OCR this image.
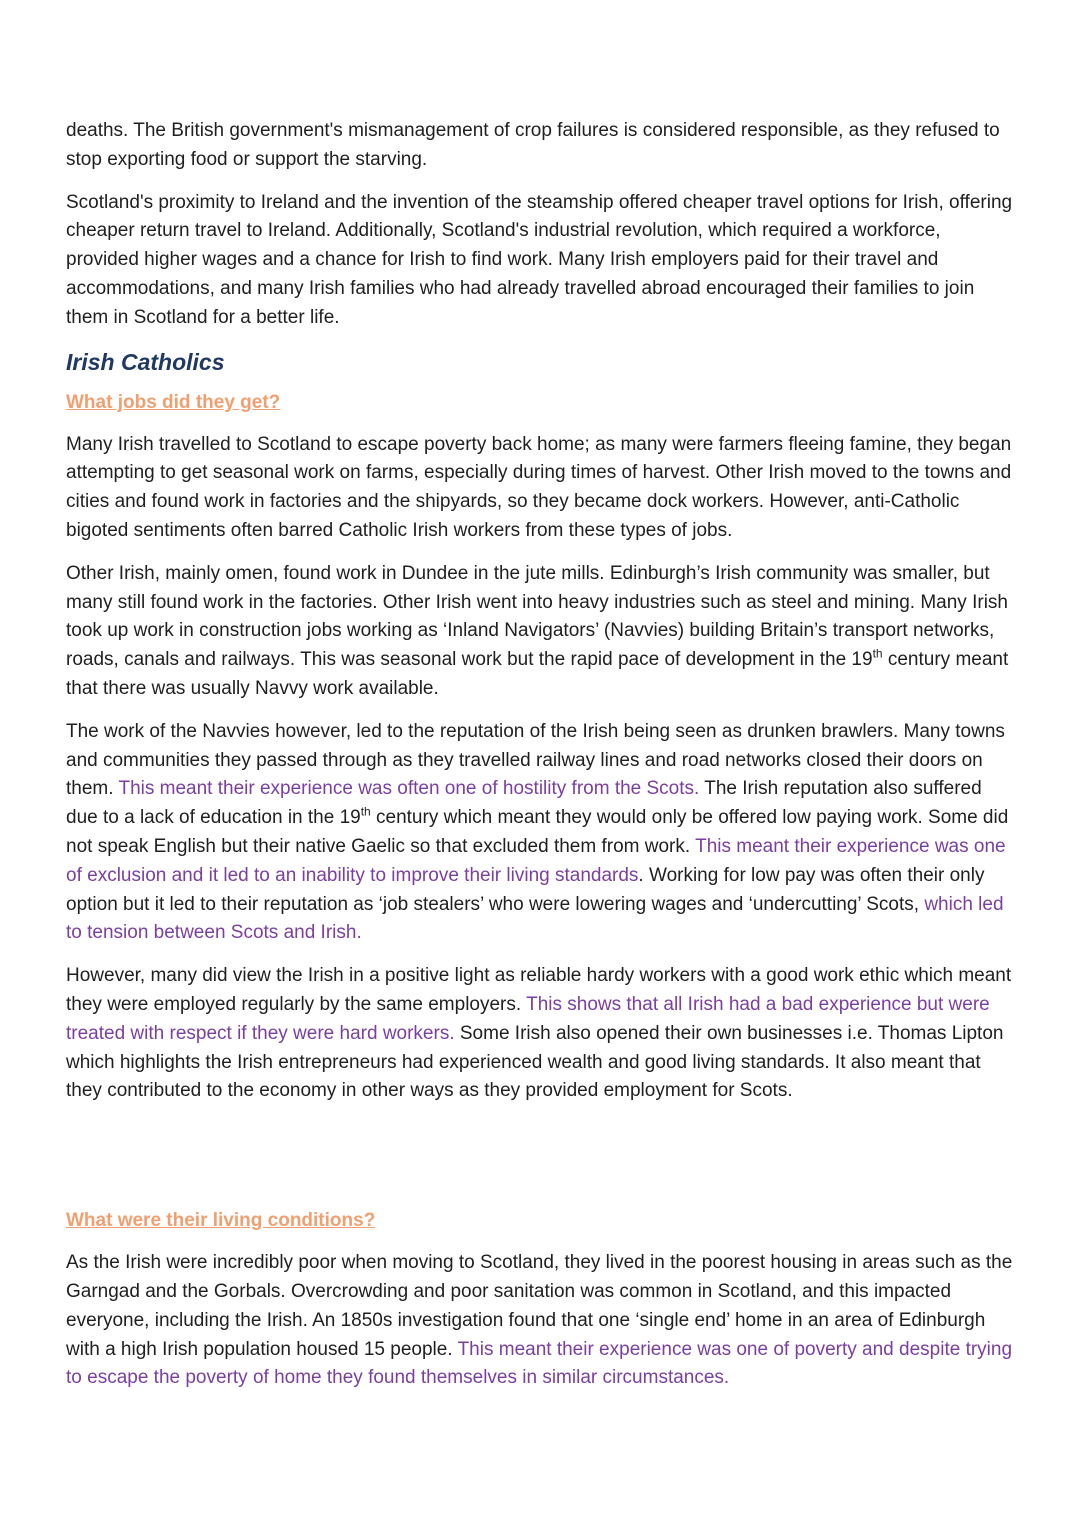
deaths. The British government's mismanagement of crop failures is considered responsible, as they refused to stop exporting food or support the starving.

Scotland's proximity to Ireland and the invention of the steamship offered cheaper travel options for Irish, offering cheaper return travel to Ireland. Additionally, Scotland's industrial revolution, which required a workforce, provided higher wages and a chance for Irish to find work. Many Irish employers paid for their travel and accommodations, and many Irish families who had already travelled abroad encouraged their families to join them in Scotland for a better life.

Irish Catholics
What jobs did they get?

Many Irish travelled to Scotland to escape poverty back home; as many were farmers fleeing famine, they began attempting to get seasonal work on farms, especially during times of harvest. Other Irish moved to the towns and cities and found work in factories and the shipyards, so they became dock workers. However, anti-Catholic bigoted sentiments often barred Catholic Irish workers from these types of jobs.

Other Irish, mainly omen, found work in Dundee in the jute mills. Edinburgh’s Irish community was smaller, but many still found work in the factories. Other Irish went into heavy industries such as steel and mining. Many Irish took up work in construction jobs working as ‘Inland Navigators’ (Navvies) building Britain’s transport networks, roads, canals and railways. This was seasonal work but the rapid pace of development in the 19th century meant that there was usually Navvy work available.

The work of the Navvies however, led to the reputation of the Irish being seen as drunken brawlers. Many towns and communities they passed through as they travelled railway lines and road networks closed their doors on them. This meant their experience was often one of hostility from the Scots. The Irish reputation also suffered due to a lack of education in the 19th century which meant they would only be offered low paying work. Some did not speak English but their native Gaelic so that excluded them from work. This meant their experience was one of exclusion and it led to an inability to improve their living standards. Working for low pay was often their only option but it led to their reputation as ‘job stealers’ who were lowering wages and ‘undercutting’ Scots, which led to tension between Scots and Irish.

However, many did view the Irish in a positive light as reliable hardy workers with a good work ethic which meant they were employed regularly by the same employers. This shows that all Irish had a bad experience but were treated with respect if they were hard workers. Some Irish also opened their own businesses i.e. Thomas Lipton which highlights the Irish entrepreneurs had experienced wealth and good living standards. It also meant that they contributed to the economy in other ways as they provided employment for Scots.

What were their living conditions?

As the Irish were incredibly poor when moving to Scotland, they lived in the poorest housing in areas such as the Garngad and the Gorbals. Overcrowding and poor sanitation was common in Scotland, and this impacted everyone, including the Irish. An 1850s investigation found that one ‘single end’ home in an area of Edinburgh with a high Irish population housed 15 people. This meant their experience was one of poverty and despite trying to escape the poverty of home they found themselves in similar circumstances.
